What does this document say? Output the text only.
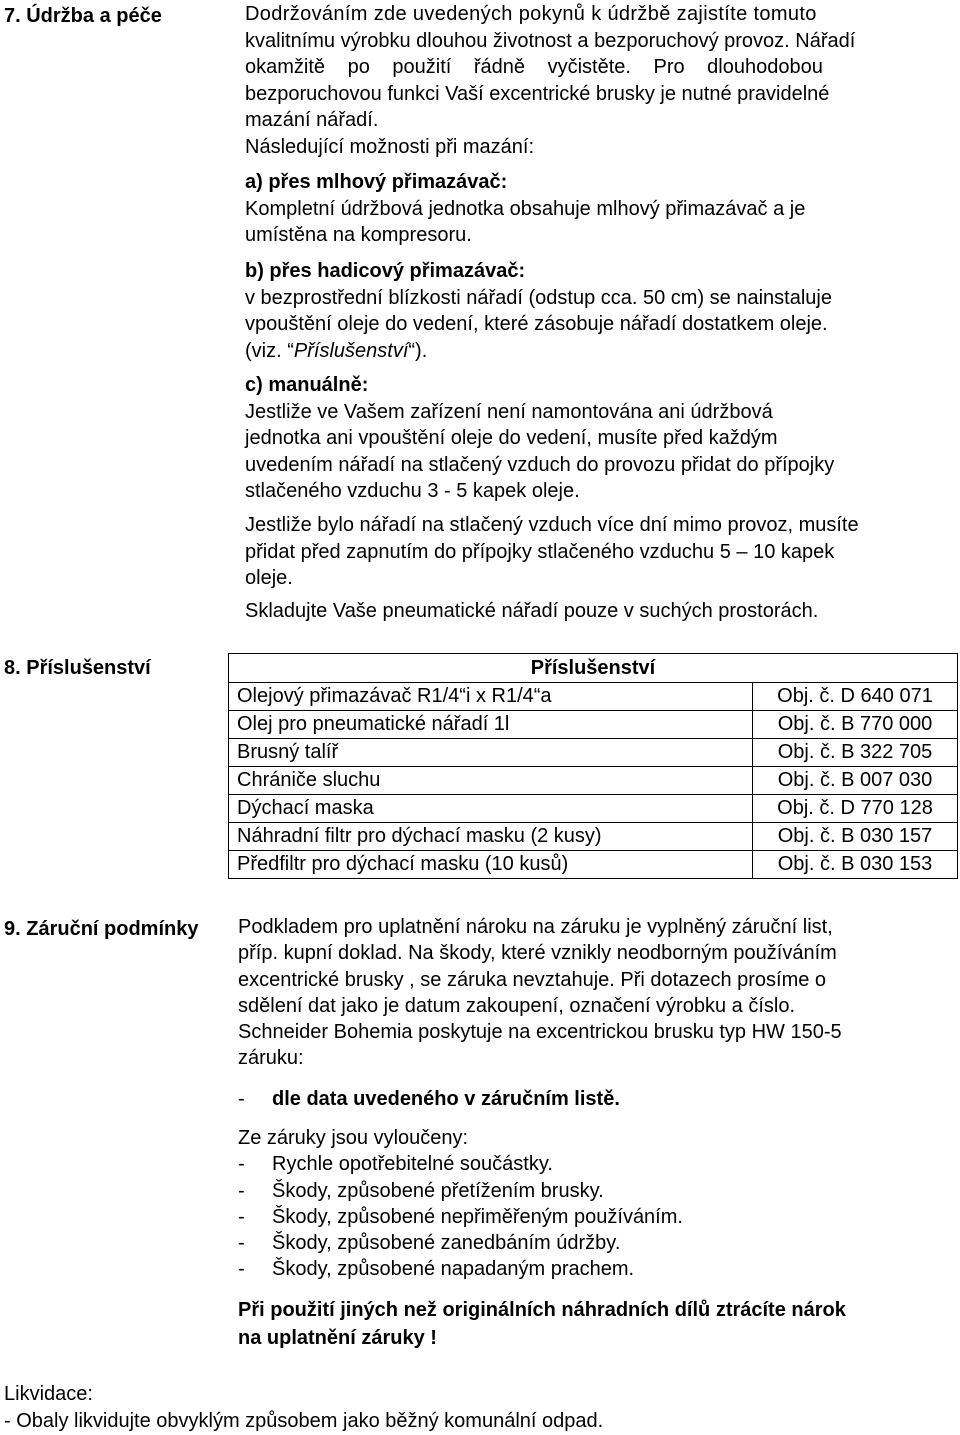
7. Údržba a péče	Dodržováním zde uvedených pokynů k údržbě zajistíte tomuto

kvalitnímu výrobku dlouhou životnost a bezporuchový provoz. Nářadí

okamžitě po použití řádně vyčistěte. Pro dlouhodobou

bezporuchovou funkci Vaší excentrické brusky je nutné pravidelné

mazání nářadí.

Následující možnosti při mazání:

a) přes mlhový přimazávač:

Kompletní údržbová jednotka obsahuje mlhový přimazávač a je

umístěna na kompresoru.

b) přes hadicový přimazávač:

v bezprostřední blízkosti nářadí (odstup cca. 50 cm) se nainstaluje

vpouštění oleje do vedení, které zásobuje nářadí dostatkem oleje.

(viz. “Příslušenství“).

c) manuálně:

Jestliže ve Vašem zařízení není namontována ani údržbová

jednotka ani vpouštění oleje do vedení, musíte před každým

uvedením nářadí na stlačený vzduch do provozu přidat do přípojky

stlačeného vzduchu 3 - 5 kapek oleje.

Jestliže bylo nářadí na stlačený vzduch více dní mimo provoz, musíte

přidat před zapnutím do přípojky stlačeného vzduchu 5 – 10 kapek

oleje.

Skladujte Vaše pneumatické nářadí pouze v suchých prostorách.

8. Příslušenství	Příslušenství	
Olejový přimazávač R1/4“i x R1/4“a	Obj. č. D 640 071
Olej pro pneumatické nářadí 1l	Obj. č. B 770 000
Brusný talíř	Obj. č. B 322 705
Chrániče sluchu	Obj. č. B 007 030
Dýchací maska	Obj. č. D 770 128
Náhradní filtr pro dýchací masku (2 kusy)	Obj. č. B 030 157
Předfiltr pro dýchací masku (10 kusů)	Obj. č. B 030 153
9. Záruční podmínky Podkladem pro uplatnění nároku na záruku je vyplněný záruční list,

příp. kupní doklad. Na škody, které vznikly neodborným používáním

excentrické brusky , se záruka nevztahuje. Při dotazech prosíme o

sdělení dat jako je datum zakoupení, označení výrobku a číslo.

Schneider Bohemia poskytuje na excentrickou brusku typ HW 150-5

záruku:

- dle data uvedeného v záručním listě.

Ze záruky jsou vyloučeny:

- Rychle opotřebitelné součástky.

- Škody, způsobené přetížením brusky.

- Škody, způsobené nepřiměřeným používáním.

- Škody, způsobené zanedbáním údržby.

- Škody, způsobené napadaným prachem.

Při použití jiných než originálních náhradních dílů ztrácíte nárok

na uplatnění záruky !

Likvidace:

- Obaly likvidujte obvyklým způsobem jako běžný komunální odpad.
